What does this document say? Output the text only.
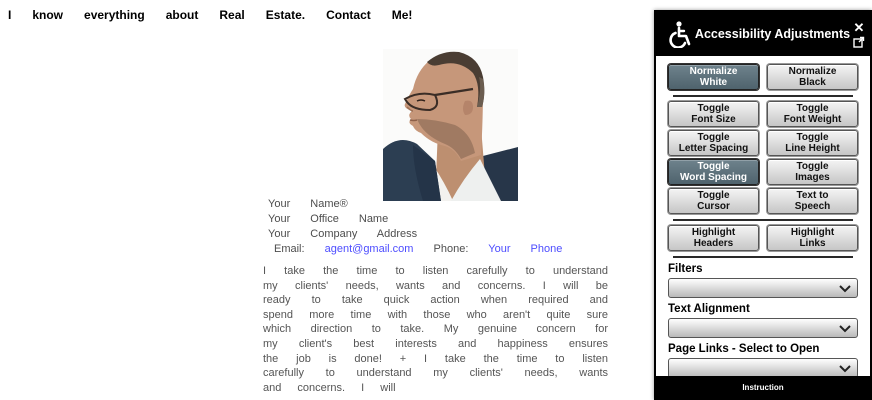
I know everything about Real Estate. Contact Me!
Your Name®
Your Office Name
Your Company Address
Email: agent@gmail.com Phone: Your Phone
I take the time to listen carefully to understand my clients' needs, wants and concerns. I will be ready to take quick action when required and spend more time with those who aren't quite sure which direction to take. My genuine concern for my client's best interests and happiness ensures the job is done! + I take the time to listen carefully to understand my clients' needs, wants and concerns. I will
Accessibility Adjustments ✕
Normalize
White
Normalize
Black
Toggle
Font Size
Toggle
Font Weight
Toggle
Letter Spacing
Toggle
Line Height
Toggle
Word Spacing
Toggle
Images
Toggle
Cursor
Text to
Speech
Highlight
Headers
Highlight
Links
Filters
Text Alignment
Page Links - Select to Open
Instruction
